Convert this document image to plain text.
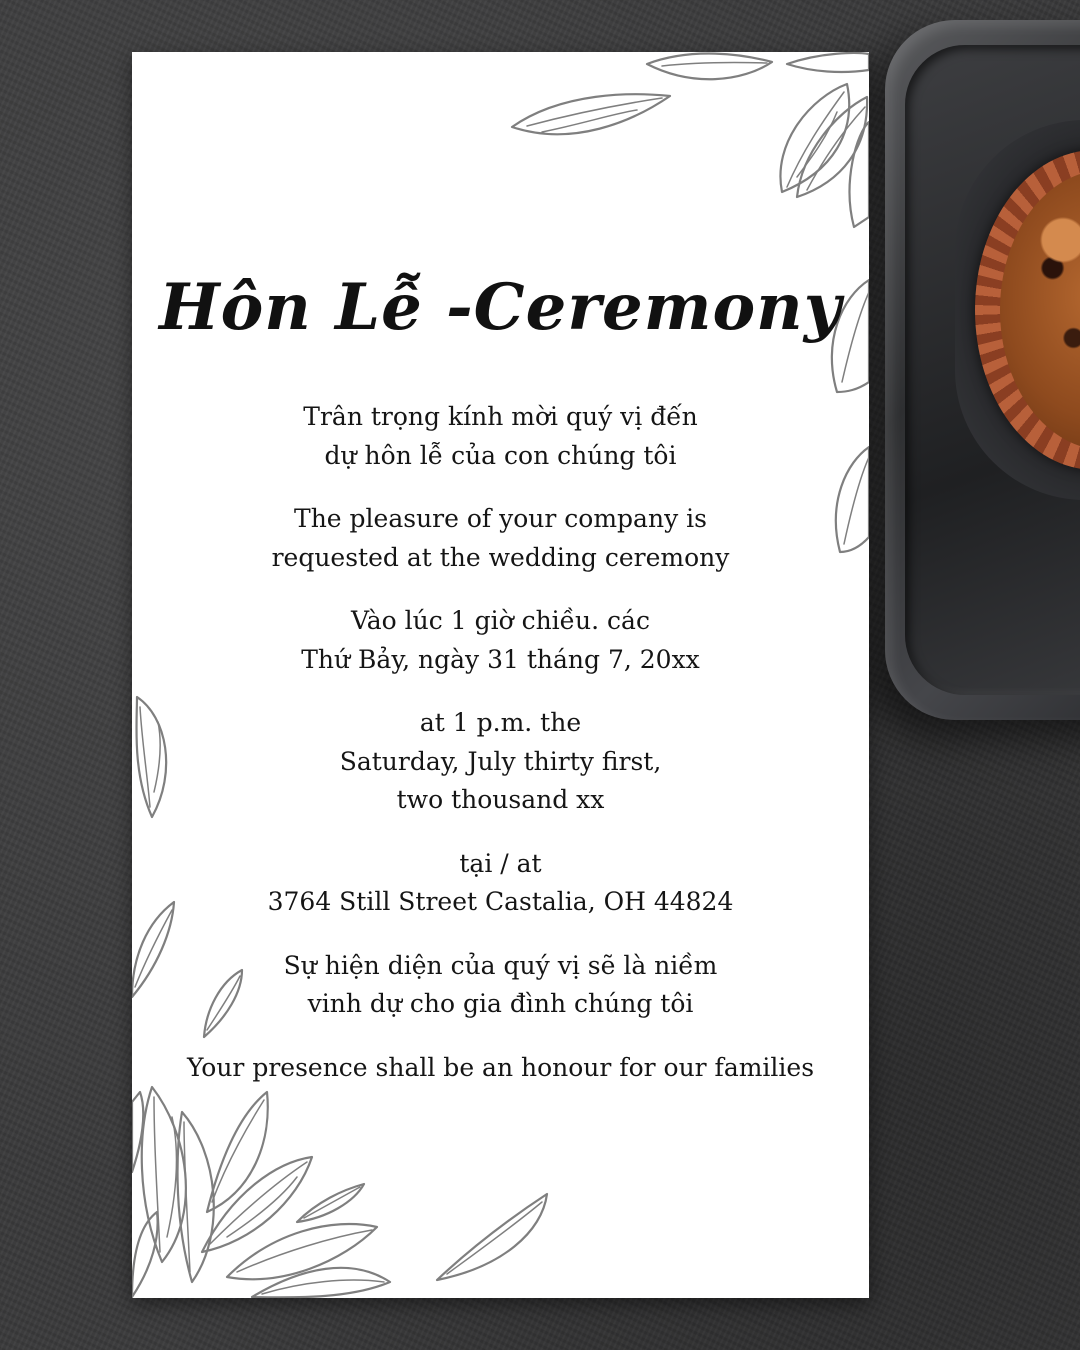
Hôn Lễ -Ceremony

Trân trọng kính mời quý vị đến
dự hôn lễ của con chúng tôi

The pleasure of your company is
requested at the wedding ceremony

Vào lúc 1 giờ chiều. các
Thứ Bảy, ngày 31 tháng 7, 20xx

at 1 p.m. the
Saturday, July thirty first,
two thousand xx

tại / at
3764 Still Street Castalia, OH 44824

Sự hiện diện của quý vị sẽ là niềm
vinh dự cho gia đình chúng tôi

Your presence shall be an honour for our families
